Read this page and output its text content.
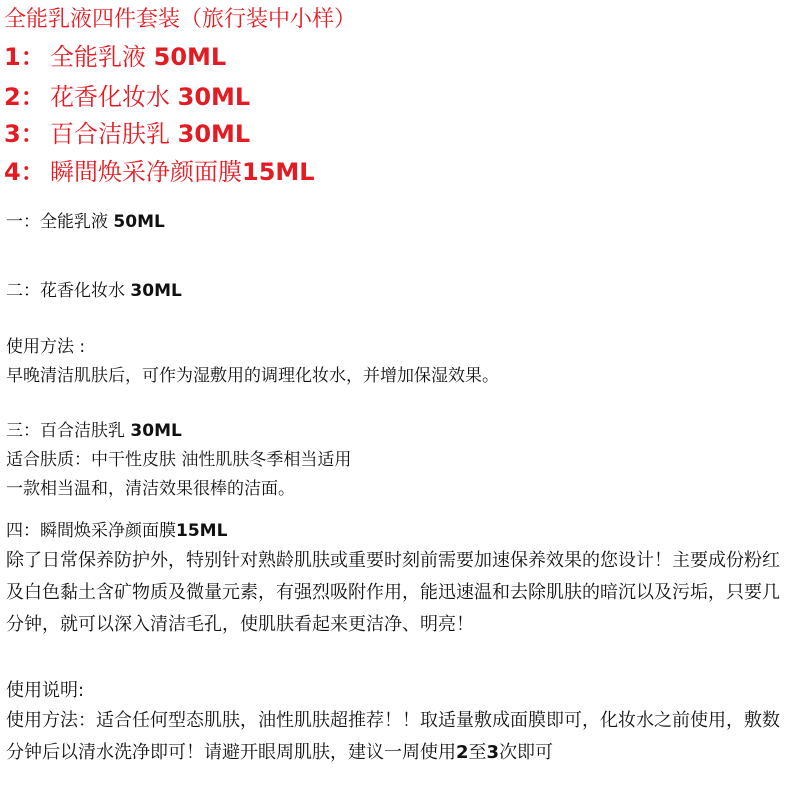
全能乳液四件套装（旅行装中小样）
1： 全能乳液 50ML
2： 花香化妆水 30ML
3： 百合洁肤乳 30ML
4： 瞬間焕采净颜面膜15ML
一：全能乳液 50ML
二：花香化妆水 30ML
使用方法 :
早晚清洁肌肤后，可作为湿敷用的调理化妆水，并增加保湿效果。
三：百合洁肤乳 30ML
适合肤质：中干性皮肤 油性肌肤冬季相当适用
一款相当温和，清洁效果很棒的洁面。
四：瞬間焕采净颜面膜15ML
除了日常保养防护外，特别针对熟龄肌肤或重要时刻前需要加速保养效果的您设计！主要成份粉红及白色黏土含矿物质及微量元素，有强烈吸附作用，能迅速温和去除肌肤的暗沉以及污垢，只要几分钟，就可以深入清洁毛孔，使肌肤看起来更洁净、明亮！
使用说明:
使用方法：适合任何型态肌肤，油性肌肤超推荐！！取适量敷成面膜即可，化妆水之前使用，敷数分钟后以清水洗净即可！请避开眼周肌肤，建议一周使用2至3次即可
